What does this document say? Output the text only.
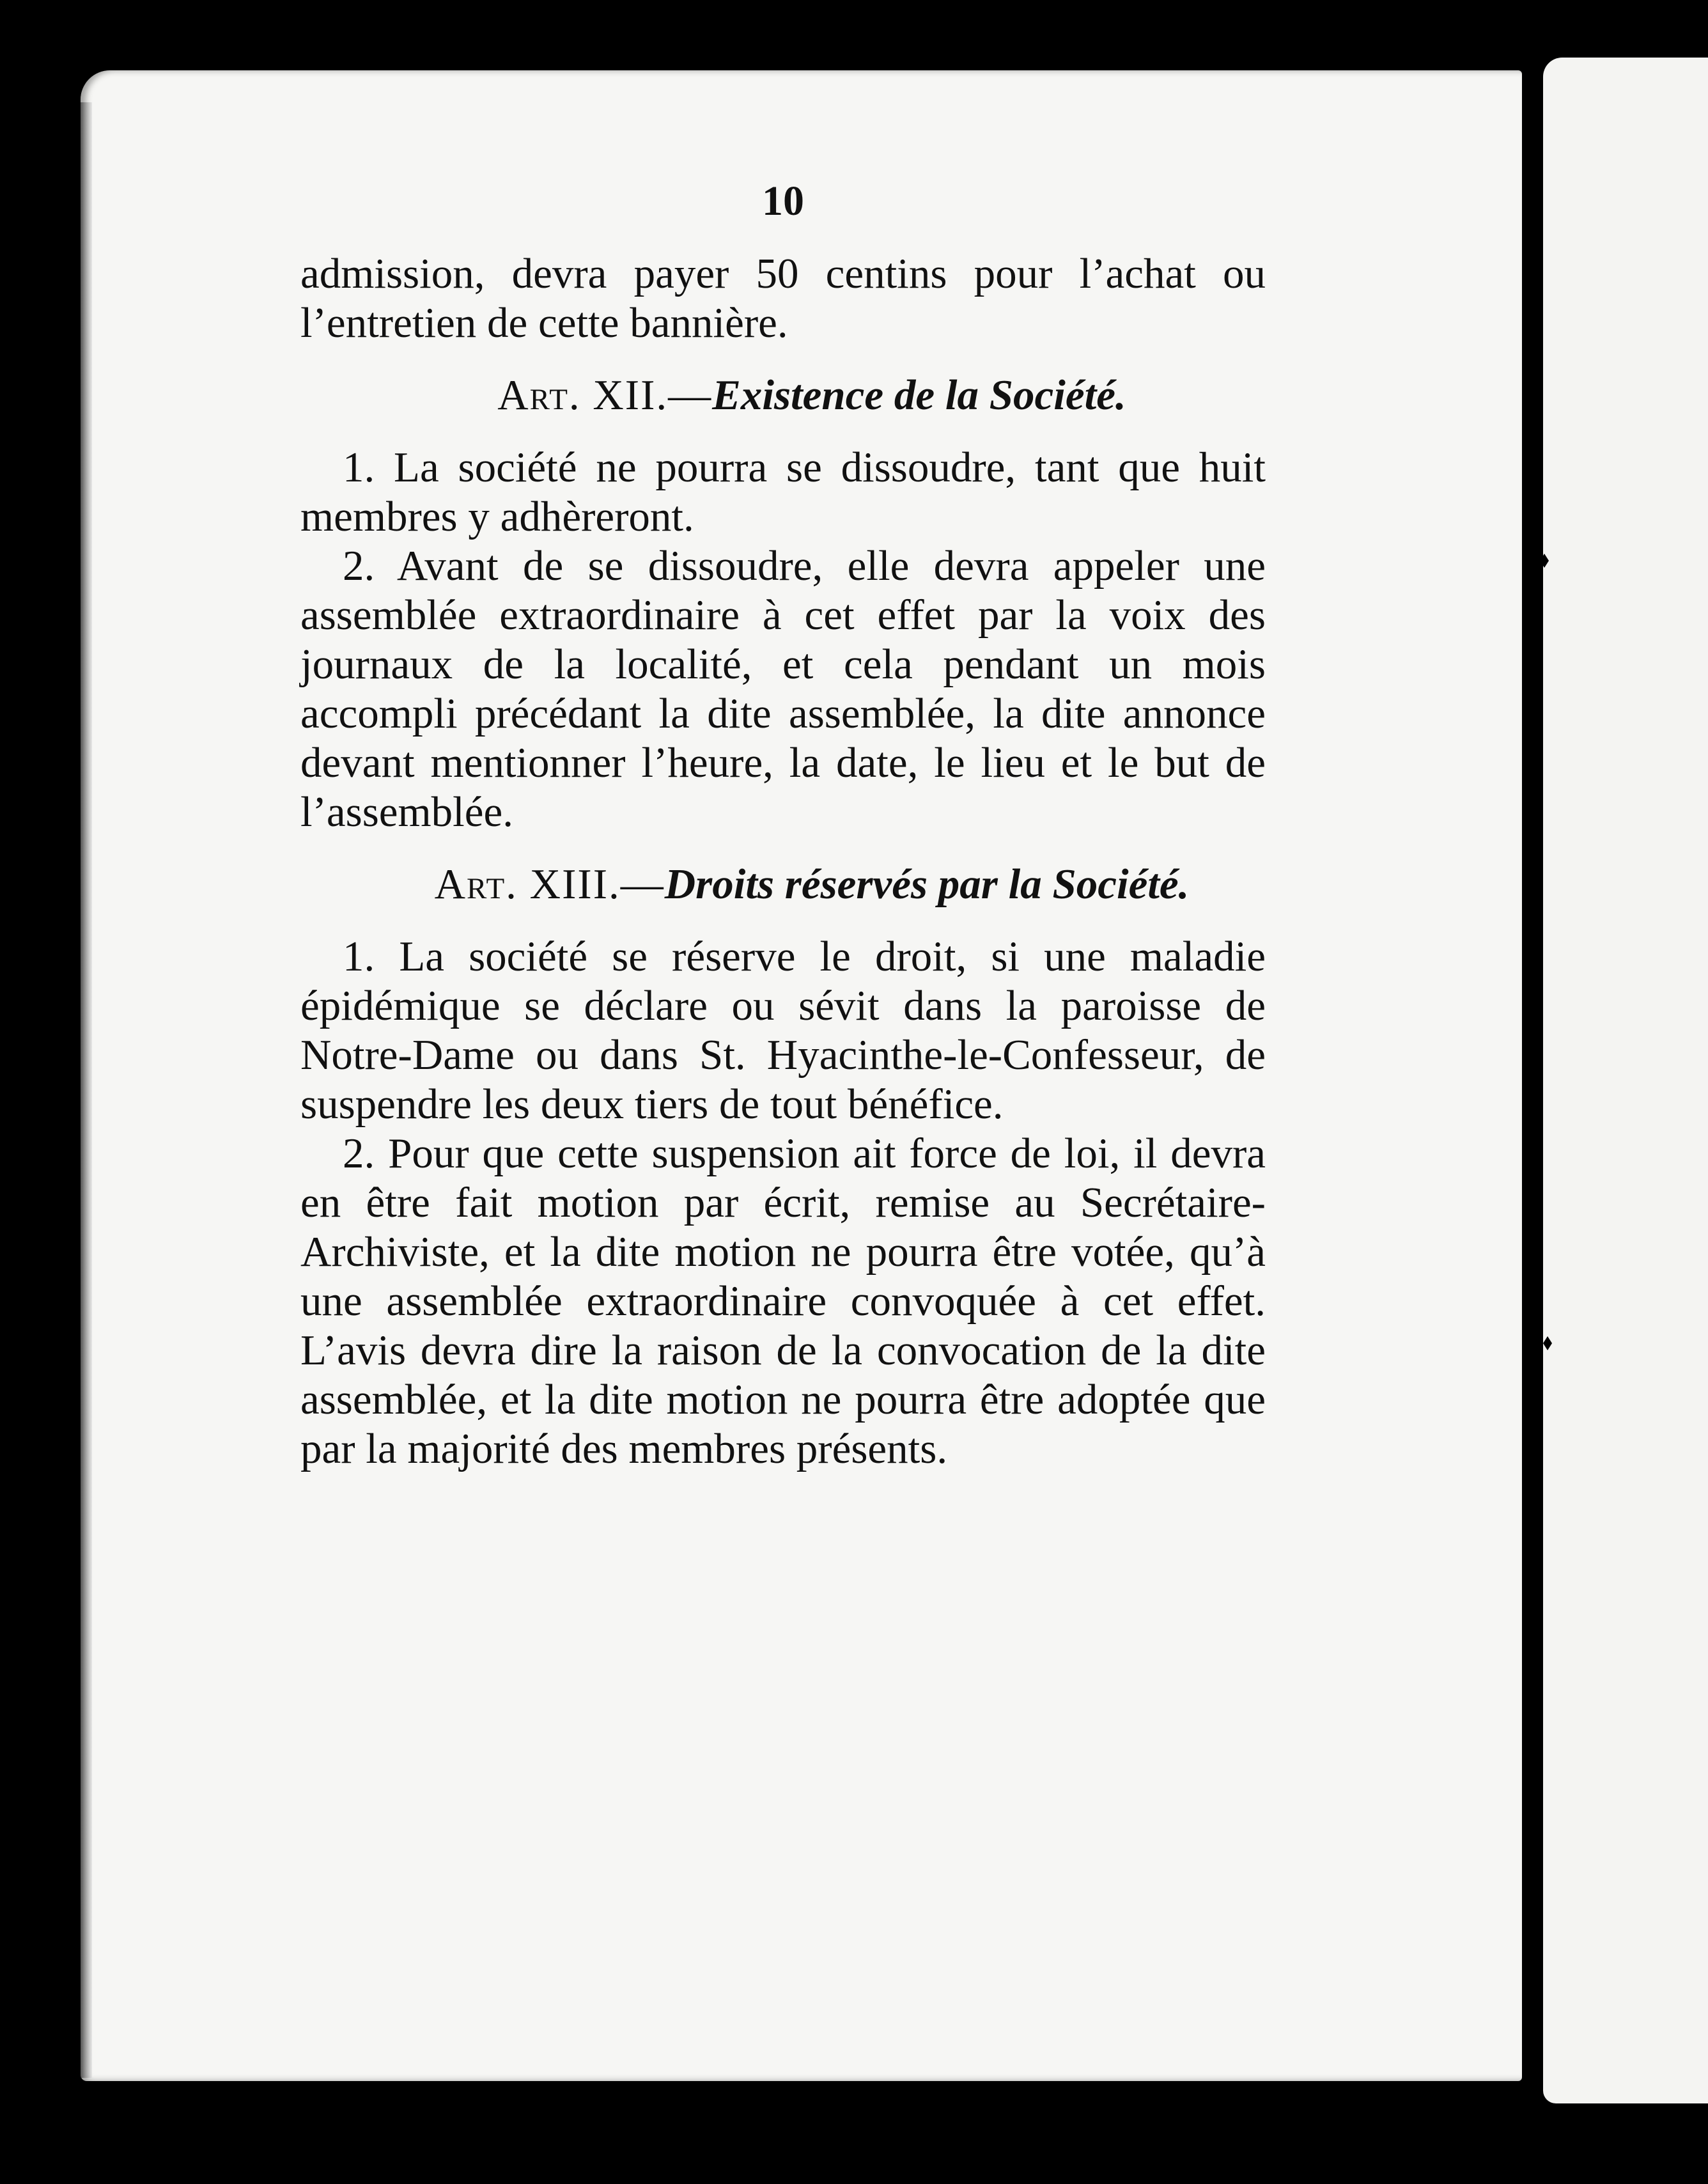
10

admission, devra payer 50 centins pour l’achat ou l’entretien de cette bannière.

Art. XII.—Existence de la Société.

1. La société ne pourra se dissoudre, tant que huit membres y adhèreront.

2. Avant de se dissoudre, elle devra appeler une assemblée extraordinaire à cet effet par la voix des journaux de la localité, et cela pendant un mois accompli précédant la dite assemblée, la dite annonce devant mentionner l’heure, la date, le lieu et le but de l’assemblée.

Art. XIII.—Droits réservés par la Société.

1. La société se réserve le droit, si une maladie épidémique se déclare ou sévit dans la paroisse de Notre-Dame ou dans St. Hyacinthe-le-Confesseur, de suspendre les deux tiers de tout bénéfice.

2. Pour que cette suspension ait force de loi, il devra en être fait motion par écrit, remise au Secrétaire-Archiviste, et la dite motion ne pourra être votée, qu’à une assemblée extraordinaire convoquée à cet effet. L’avis devra dire la raison de la convocation de la dite assemblée, et la dite motion ne pourra être adoptée que par la majorité des membres présents.
